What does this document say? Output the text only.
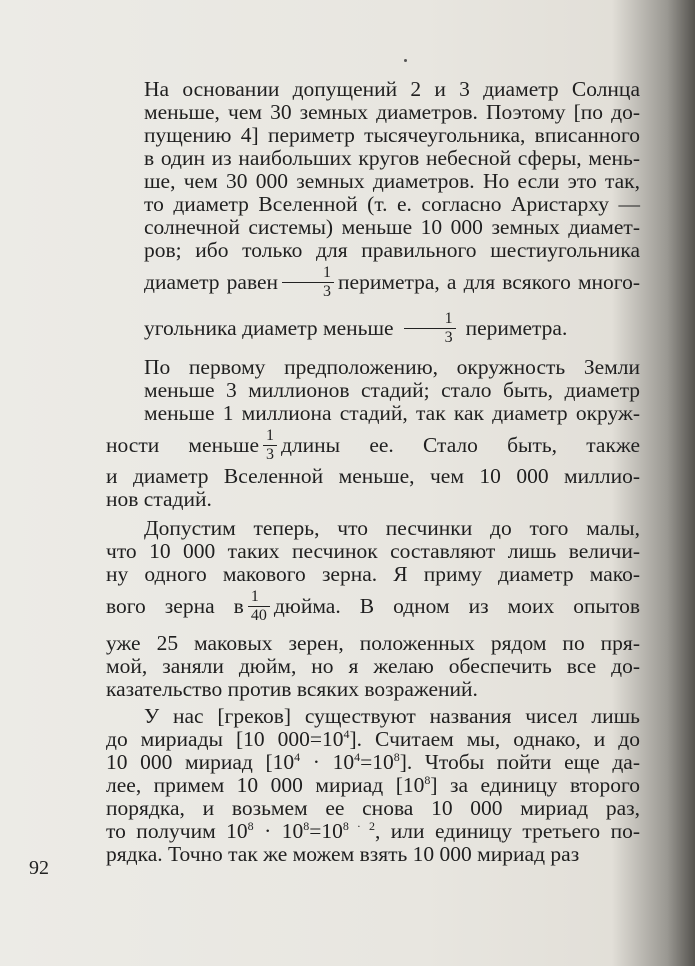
На основании допущений 2 и 3 диаметр Солнца
меньше, чем 30 земных диаметров. Поэтому [по до-
пущению 4] периметр тысячеугольника, вписанного
в один из наибольших кругов небесной сферы, мень-
ше, чем 30 000 земных диаметров. Но если это так,
то диаметр Вселенной (т. е. согласно Аристарху —
солнечной системы) меньше 10 000 земных диамет-
ров; ибо только для правильного шестиугольника
диаметр равен $\frac{1}{3}$ периметра, а для всякого много-
угольника диаметр меньше $\frac{1}{3}$ периметра.

По первому предположению, окружность Земли
меньше 3 миллионов стадий; стало быть, диаметр
меньше 1 миллиона стадий, так как диаметр окруж-
ности меньше $\frac{1}{3}$ длины ее. Стало быть, также
и диаметр Вселенной меньше, чем 10 000 миллио-
нов стадий.

Допустим теперь, что песчинки до того малы,
что 10 000 таких песчинок составляют лишь величи-
ну одного макового зерна. Я приму диаметр мако-
вого зерна в $\frac{1}{40}$ дюйма. В одном из моих опытов
уже 25 маковых зерен, положенных рядом по пря-
мой, заняли дюйм, но я желаю обеспечить все до-
казательство против всяких возражений.

У нас [греков] существуют названия чисел лишь
до мириады [10 $000=10^4$]. Считаем мы, однако, и до
10 000 мириад $[10^4 \cdot 10^4=10^8]$. Чтобы пойти еще да-
лее, примем 10 000 мириад $[10^8]$ за единицу второго
порядка, и возьмем ее снова 10 000 мириад раз,
то получим $10^8 \cdot 10^8=10^{8 \cdot 2}$, или единицу третьего по-
рядка. Точно так же можем взять 10 000 мириад раз

92
